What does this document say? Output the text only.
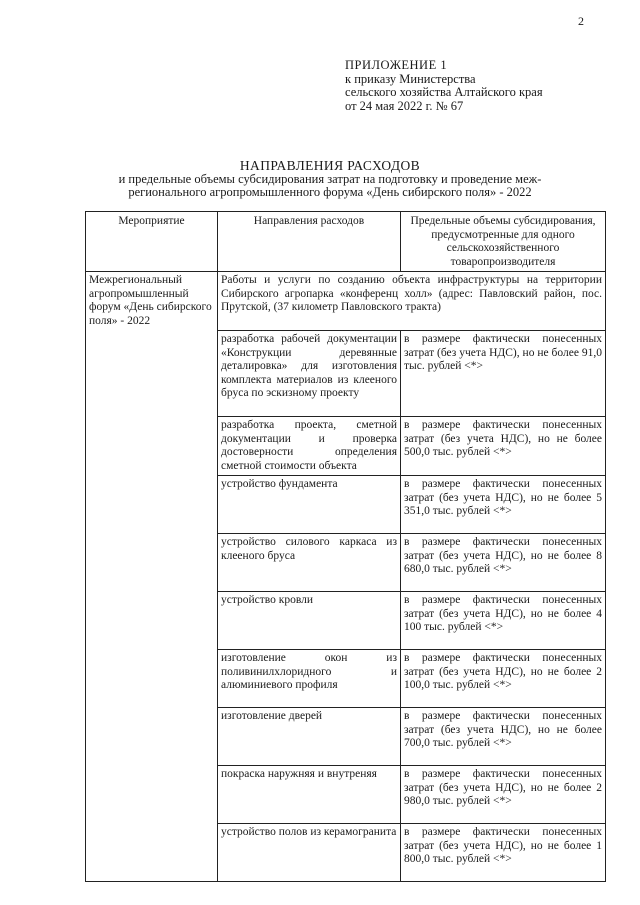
2
ПРИЛОЖЕНИЕ 1
к приказу Министерства
сельского хозяйства Алтайского края
от 24 мая 2022 г. № 67
НАПРАВЛЕНИЯ РАСХОДОВ
и предельные объемы субсидирования затрат на подготовку и проведение меж-
регионального агропромышленного форума «День сибирского поля» - 2022
Мероприятие	Направления расходов	Предельные объемы субсидирования, предусмотренные для одного сельскохозяйственного товаропроизводителя
Межрегиональный агропромышленный форум «День сибирского поля» - 2022	Работы и услуги по созданию объекта инфраструктуры на территории Сибирского агропарка «конференц холл» (адрес: Павловский район, пос. Прутской, (37 километр Павловского тракта)	
	разработка рабочей документации «Конструкции деревянные деталировка» для изготовления комплекта материалов из клееного бруса по эскизному проекту	в размере фактически понесенных затрат (без учета НДС), но не более 91,0 тыс. рублей <*>
	разработка проекта, сметной документации и проверка достоверности определения сметной стоимости объекта	в размере фактически понесенных затрат (без учета НДС), но не более 500,0 тыс. рублей <*>
	устройство фундамента	в размере фактически понесенных затрат (без учета НДС), но не более 5 351,0 тыс. рублей <*>
	устройство силового каркаса из клееного бруса	в размере фактически понесенных затрат (без учета НДС), но не более 8 680,0 тыс. рублей <*>
	устройство кровли	в размере фактически понесенных затрат (без учета НДС), но не более 4 100 тыс. рублей <*>
	изготовление окон из поливинилхлоридного и алюминиевого профиля	в размере фактически понесенных затрат (без учета НДС), но не более 2 100,0 тыс. рублей <*>
	изготовление дверей	в размере фактически понесенных затрат (без учета НДС), но не более 700,0 тыс. рублей <*>
	покраска наружняя и внутреняя	в размере фактически понесенных затрат (без учета НДС), но не более 2 980,0 тыс. рублей <*>
	устройство полов из керамогранита	в размере фактически понесенных затрат (без учета НДС), но не более 1 800,0 тыс. рублей <*>
